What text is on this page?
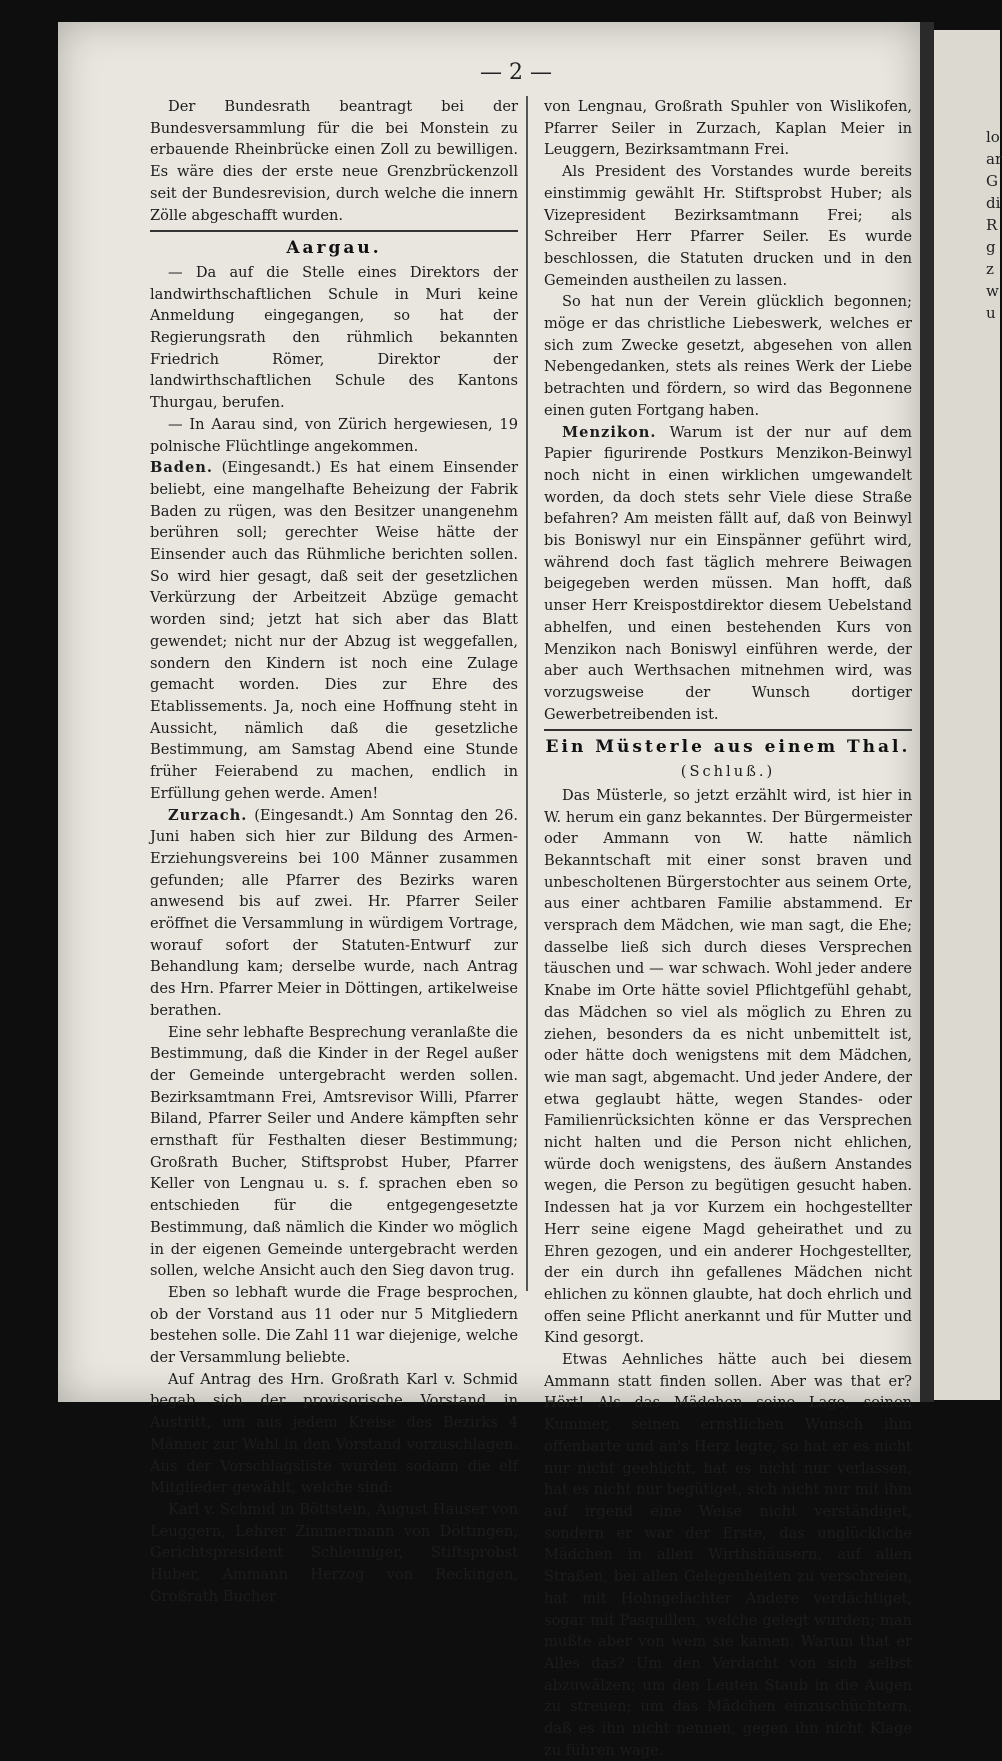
lo
ar
G
di
R
g
z
w
u
— 2 —

Der Bundesrath beantragt bei der Bundesversammlung für die bei Monstein zu erbauende Rheinbrücke einen Zoll zu bewilligen. Es wäre dies der erste neue Grenzbrückenzoll seit der Bundesrevision, durch welche die innern Zölle abgeschafft wurden.

Aargau.

— Da auf die Stelle eines Direktors der landwirthschaftlichen Schule in Muri keine Anmeldung eingegangen, so hat der Regierungsrath den rühmlich bekannten Friedrich Römer, Direktor der landwirthschaftlichen Schule des Kantons Thurgau, berufen.

— In Aarau sind, von Zürich hergewiesen, 19 polnische Flüchtlinge angekommen.

Baden. (Eingesandt.) Es hat einem Einsender beliebt, eine mangelhafte Beheizung der Fabrik Baden zu rügen, was den Besitzer unangenehm berühren soll; gerechter Weise hätte der Einsender auch das Rühmliche berichten sollen. So wird hier gesagt, daß seit der gesetzlichen Verkürzung der Arbeitzeit Abzüge gemacht worden sind; jetzt hat sich aber das Blatt gewendet; nicht nur der Abzug ist weggefallen, sondern den Kindern ist noch eine Zulage gemacht worden. Dies zur Ehre des Etablissements. Ja, noch eine Hoffnung steht in Aussicht, nämlich daß die gesetzliche Bestimmung, am Samstag Abend eine Stunde früher Feierabend zu machen, endlich in Erfüllung gehen werde. Amen!

Zurzach. (Eingesandt.) Am Sonntag den 26. Juni haben sich hier zur Bildung des Armen-Erziehungsvereins bei 100 Männer zusammen gefunden; alle Pfarrer des Bezirks waren anwesend bis auf zwei. Hr. Pfarrer Seiler eröffnet die Versammlung in würdigem Vortrage, worauf sofort der Statuten-Entwurf zur Behandlung kam; derselbe wurde, nach Antrag des Hrn. Pfarrer Meier in Döttingen, artikelweise berathen.

Eine sehr lebhafte Besprechung veranlaßte die Bestimmung, daß die Kinder in der Regel außer der Gemeinde untergebracht werden sollen. Bezirksamtmann Frei, Amtsrevisor Willi, Pfarrer Biland, Pfarrer Seiler und Andere kämpften sehr ernsthaft für Festhalten dieser Bestimmung; Großrath Bucher, Stiftsprobst Huber, Pfarrer Keller von Lengnau u. s. f. sprachen eben so entschieden für die entgegengesetzte Bestimmung, daß nämlich die Kinder wo möglich in der eigenen Gemeinde untergebracht werden sollen, welche Ansicht auch den Sieg davon trug.

Eben so lebhaft wurde die Frage besprochen, ob der Vorstand aus 11 oder nur 5 Mitgliedern bestehen solle. Die Zahl 11 war diejenige, welche der Versammlung beliebte.

Auf Antrag des Hrn. Großrath Karl v. Schmid begab sich der provisorische Vorstand in Austritt, um aus jedem Kreise des Bezirks 4 Männer zur Wahl in den Vorstand vorzuschlagen. Aus der Vorschlagsliste wurden sodann die elf Mitglieder gewählt, welche sind:

Karl v. Schmid in Böttstein, August Hauser von Leuggern, Lehrer Zimmermann von Döttingen, Gerichtspresident Schleuniger, Stiftsprobst Huber, Ammann Herzog von Reckingen, Großrath Bucher

von Lengnau, Großrath Spuhler von Wislikofen, Pfarrer Seiler in Zurzach, Kaplan Meier in Leuggern, Bezirksamtmann Frei.

Als President des Vorstandes wurde bereits einstimmig gewählt Hr. Stiftsprobst Huber; als Vizepresident Bezirksamtmann Frei; als Schreiber Herr Pfarrer Seiler. Es wurde beschlossen, die Statuten drucken und in den Gemeinden austheilen zu lassen.

So hat nun der Verein glücklich begonnen; möge er das christliche Liebeswerk, welches er sich zum Zwecke gesetzt, abgesehen von allen Nebengedanken, stets als reines Werk der Liebe betrachten und fördern, so wird das Begonnene einen guten Fortgang haben.

Menzikon. Warum ist der nur auf dem Papier figurirende Postkurs Menzikon-Beinwyl noch nicht in einen wirklichen umgewandelt worden, da doch stets sehr Viele diese Straße befahren? Am meisten fällt auf, daß von Beinwyl bis Boniswyl nur ein Einspänner geführt wird, während doch fast täglich mehrere Beiwagen beigegeben werden müssen. Man hofft, daß unser Herr Kreispostdirektor diesem Uebelstand abhelfen, und einen bestehenden Kurs von Menzikon nach Boniswyl einführen werde, der aber auch Werthsachen mitnehmen wird, was vorzugsweise der Wunsch dortiger Gewerbetreibenden ist.

Ein Müsterle aus einem Thal.
(Schluß.)

Das Müsterle, so jetzt erzählt wird, ist hier in W. herum ein ganz bekanntes. Der Bürgermeister oder Ammann von W. hatte nämlich Bekanntschaft mit einer sonst braven und unbescholtenen Bürgerstochter aus seinem Orte, aus einer achtbaren Familie abstammend. Er versprach dem Mädchen, wie man sagt, die Ehe; dasselbe ließ sich durch dieses Versprechen täuschen und — war schwach. Wohl jeder andere Knabe im Orte hätte soviel Pflichtgefühl gehabt, das Mädchen so viel als möglich zu Ehren zu ziehen, besonders da es nicht unbemittelt ist, oder hätte doch wenigstens mit dem Mädchen, wie man sagt, abgemacht. Und jeder Andere, der etwa geglaubt hätte, wegen Standes- oder Familienrücksichten könne er das Versprechen nicht halten und die Person nicht ehlichen, würde doch wenigstens, des äußern Anstandes wegen, die Person zu begütigen gesucht haben. Indessen hat ja vor Kurzem ein hochgestellter Herr seine eigene Magd geheirathet und zu Ehren gezogen, und ein anderer Hochgestellter, der ein durch ihn gefallenes Mädchen nicht ehlichen zu können glaubte, hat doch ehrlich und offen seine Pflicht anerkannt und für Mutter und Kind gesorgt.

Etwas Aehnliches hätte auch bei diesem Ammann statt finden sollen. Aber was that er? Hört! Als das Mädchen seine Lage, seinen Kummer, seinen ernstlichen Wunsch ihm offenbarte und an's Herz legte, so hat er es nicht nur nicht geehlicht, hat es nicht nur verlassen, hat es nicht nur begütiget, sich nicht nur mit ihm auf irgend eine Weise nicht verständiget, sondern er war der Erste, das unglückliche Mädchen in allen Wirthshäusern, auf allen Straßen, bei allen Gelegenheiten zu verschreien, hat mit Hohngelächter Andere verdächtiget, sogar mit Pasquillen, welche gelegt wurden; man mußte aber von wem sie kamen. Warum that er Alles das? Um den Verdacht von sich selbst abzuwälzen; um den Leuten Staub in die Augen zu streuen; um das Mädchen einzuschüchtern, daß es ihn nicht nennen, gegen ihn nicht Klage zu führen wage.
